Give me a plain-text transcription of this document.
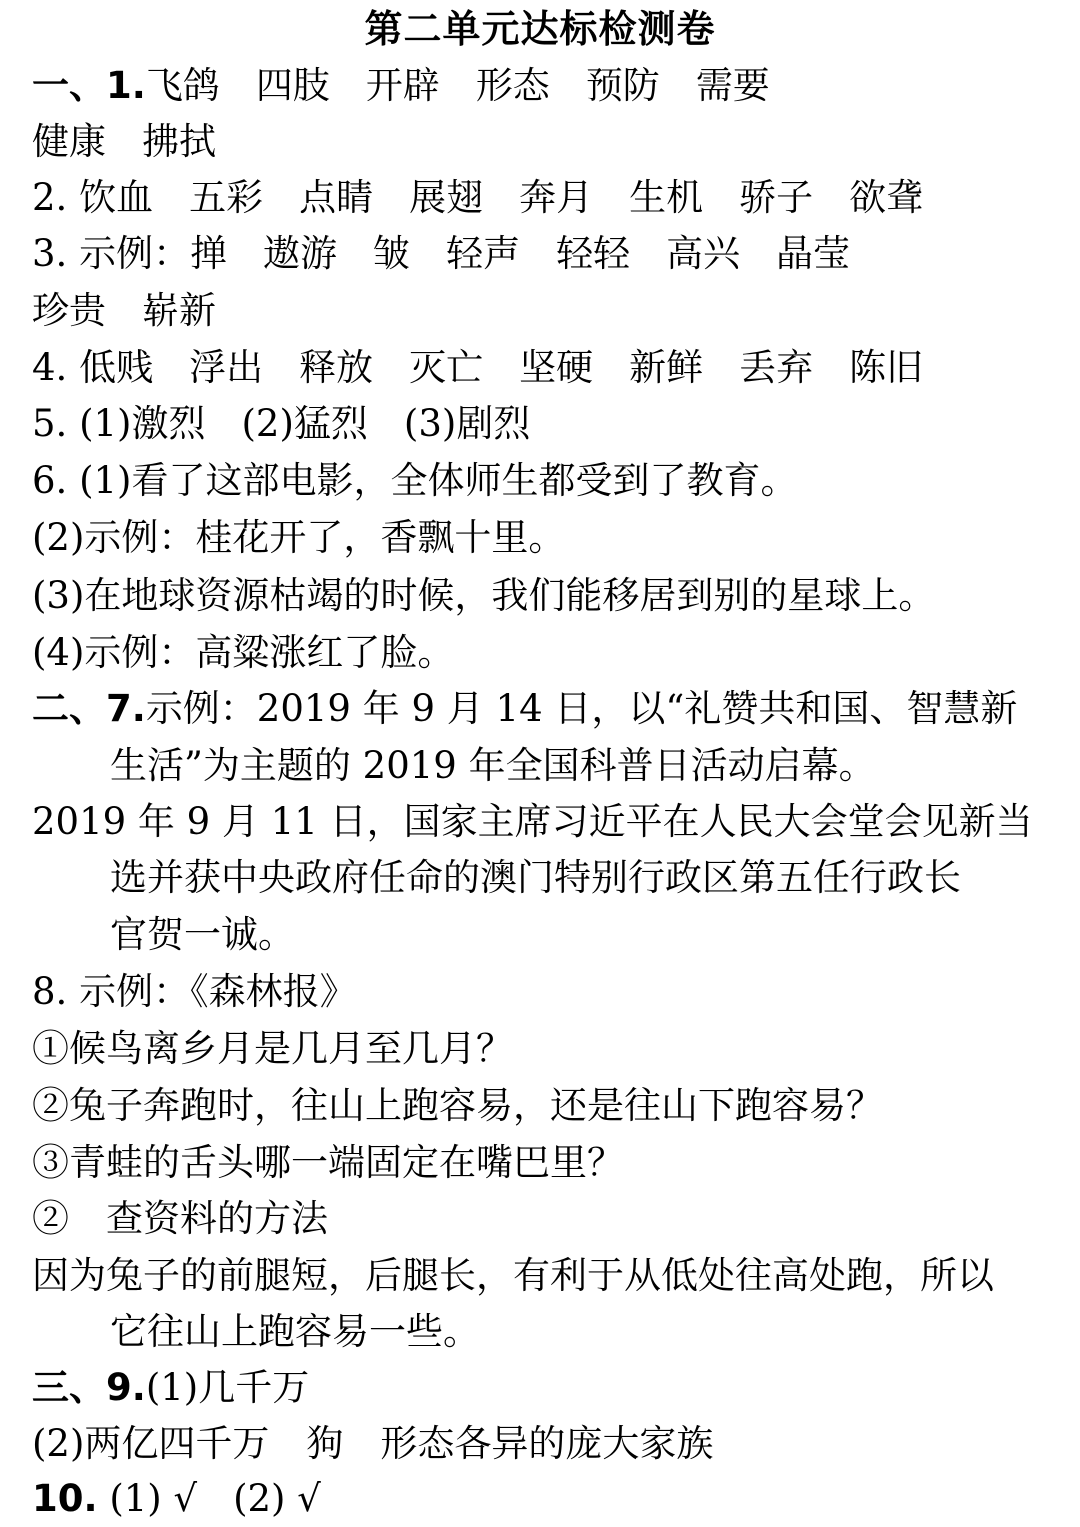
第二单元达标检测卷
一、1.飞鸽 四肢 开辟 形态 预防 需要
健康 拂拭
2. 饮血 五彩 点睛 展翅 奔月 生机 骄子 欲聋
3. 示例：掸 遨游 皱 轻声 轻轻 高兴 晶莹
珍贵 崭新
4. 低贱 浮出 释放 灭亡 坚硬 新鲜 丢弃 陈旧
5. (1)激烈 (2)猛烈 (3)剧烈
6. (1)看了这部电影，全体师生都受到了教育。
(2)示例：桂花开了，香飘十里。
(3)在地球资源枯竭的时候，我们能移居到别的星球上。
(4)示例：高粱涨红了脸。
二、7.示例：2019 年 9 月 14 日，以“礼赞共和国、智慧新
生活”为主题的 2019 年全国科普日活动启幕。
2019 年 9 月 11 日，国家主席习近平在人民大会堂会见新当
选并获中央政府任命的澳门特别行政区第五任行政长
官贺一诚。
8. 示例：《森林报》
①候鸟离乡月是几月至几月？
②兔子奔跑时，往山上跑容易，还是往山下跑容易？
③青蛙的舌头哪一端固定在嘴巴里？
②　查资料的方法
因为兔子的前腿短，后腿长，有利于从低处往高处跑，所以
它往山上跑容易一些。
三、9.(1)几千万
(2)两亿四千万　狗　形态各异的庞大家族
10. (1) √ (2) √
